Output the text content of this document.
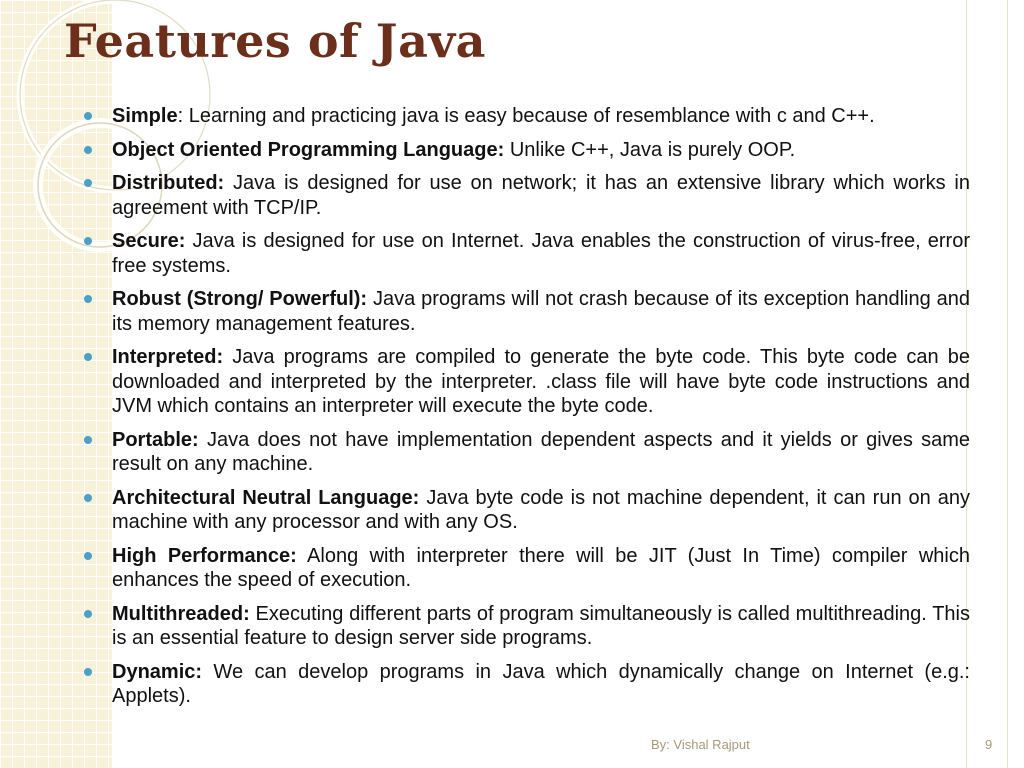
Features of Java
Simple: Learning and practicing java is easy because of resemblance with c and C++.
Object Oriented Programming Language: Unlike C++, Java is purely OOP.
Distributed: Java is designed for use on network; it has an extensive library which works in agreement with TCP/IP.
Secure: Java is designed for use on Internet. Java enables the construction of virus-free, error free systems.
Robust (Strong/ Powerful): Java programs will not crash because of its exception handling and its memory management features.
Interpreted: Java programs are compiled to generate the byte code. This byte code can be downloaded and interpreted by the interpreter. .class file will have byte code instructions and JVM which contains an interpreter will execute the byte code.
Portable: Java does not have implementation dependent aspects and it yields or gives same result on any machine.
Architectural Neutral Language: Java byte code is not machine dependent, it can run on any machine with any processor and with any OS.
High Performance: Along with interpreter there will be JIT (Just In Time) compiler which enhances the speed of execution.
Multithreaded: Executing different parts of program simultaneously is called multithreading. This is an essential feature to design server side programs.
Dynamic: We can develop programs in Java which dynamically change on Internet (e.g.: Applets).
By: Vishal Rajput	9
